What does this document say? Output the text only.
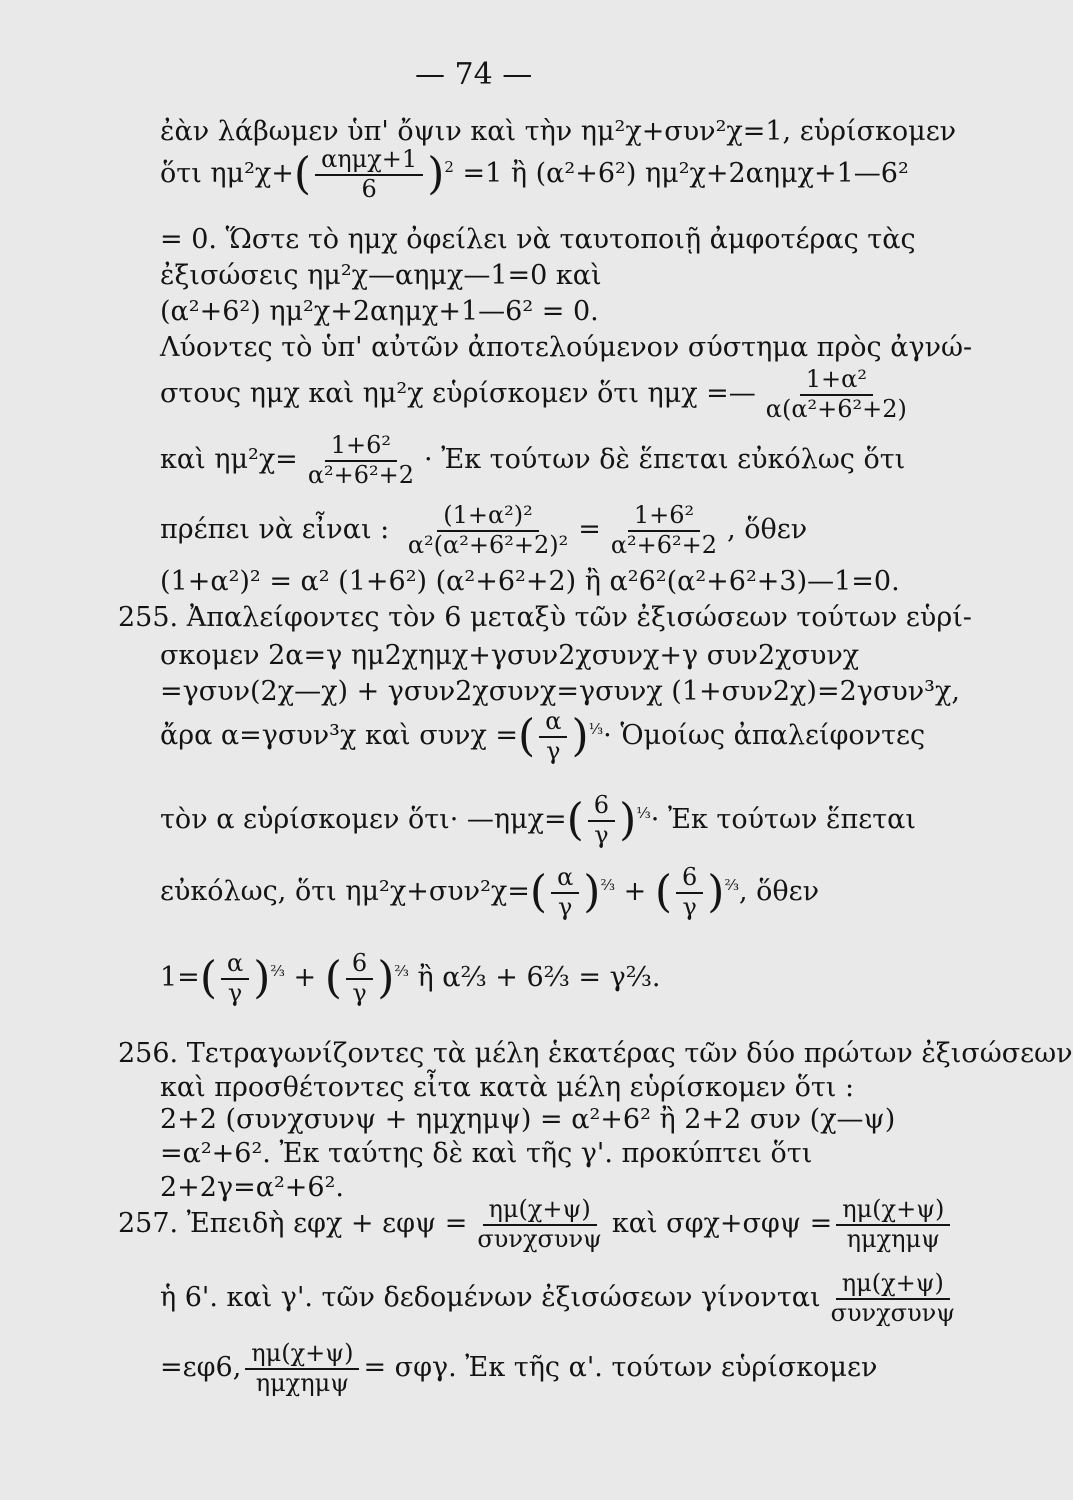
— 74 —
ἐὰν λάβωμεν ὑπ' ὄψιν καὶ τὴν ημ²χ+συν²χ=1, εὑρίσκομεν
ὅτι $\eta\mu^2\chi+( \frac{\text{αημχ+1}}{6} )^2 =1$ ἢ (α²+6²) ημ²χ+2αημχ+1—6²
= 0. Ὥστε τὸ ημχ ὀφείλει νὰ ταυτοποιῇ ἀμφοτέρας τὰς
ἐξισώσεις ημ²χ—αημχ—1=0 καὶ
(α²+6²) ημ²χ+2αημχ+1—6² = 0.
Λύοντες τὸ ὑπ' αὐτῶν ἀποτελούμενον σύστημα πρὸς ἀγνώ-
στους ημχ καὶ ημ²χ εὑρίσκομεν ὅτι ημχ =— $\frac{\text{1+α²}}{\text{α(α²+6²+2)}}$
καὶ $\eta\mu^2\chi= \frac{\text{1+6²}}{\text{α²+6²+2}}$ · Ἐκ τούτων δὲ ἕπεται εὐκόλως ὅτι
πρέπει νὰ εἶναι : $\frac{\text{(1+α²)²}}{\text{α²(α²+6²+2)²}} = \frac{\text{1+6²}}{\text{α²+6²+2}}$ , ὅθεν
(1+α²)² = α² (1+6²) (α²+6²+2) ἢ α²6²(α²+6²+3)—1=0.
255. Ἀπαλείφοντες τὸν 6 μεταξὺ τῶν ἐξισώσεων τούτων εὑρί-
σκομεν 2α=γ ημ2χημχ+γσυν2χσυνχ+γ συν2χσυνχ
=γσυν(2χ—χ) + γσυν2χσυνχ=γσυνχ (1+συν2χ)=2γσυν³χ,
ἄρα α=γσυν³χ καὶ συνχ =( $\frac{\alpha}{\gamma} )^{\frac{1}{3}}\cdot$ Ὁμοίως ἀπαλείφοντες
τὸν α εὑρίσκομεν ὅτι· —ημχ=( $\frac{6}{\gamma} )^{\frac{1}{3}}\cdot$ Ἐκ τούτων ἕπεται
εὐκόλως, ὅτι $\eta\mu^2\chi+\sigma\upsilon\nu^2\chi=( \frac{\alpha}{\gamma} )^{\frac{2}{3}}$ + ( $\frac{6}{\gamma} )^{\frac{2}{3}}$, ὅθεν
$1=( \frac{\alpha}{\gamma} )^{\frac{2}{3}}$ + ( $\frac{6}{\gamma} )^{\frac{2}{3}}$ ἢ α⅔ + 6⅔ = γ⅔.
256. Τετραγωνίζοντες τὰ μέλη ἑκατέρας τῶν δύο πρώτων ἐξισώσεων
καὶ προσθέτοντες εἶτα κατὰ μέλη εὑρίσκομεν ὅτι :
2+2 (συνχσυνψ + ημχημψ) = α²+6² ἢ 2+2 συν (χ—ψ)
=α²+6². Ἐκ ταύτης δὲ καὶ τῆς γ'. προκύπτει ὅτι
2+2γ=α²+6².
257. Ἐπειδὴ $\varepsilon\varphi\chi + \varepsilon\varphi\psi = \frac{\eta\mu(\chi+\psi)}{\text{συνχσυνψ}}$ καὶ $\sigma\varphi\chi+\sigma\varphi\psi = \frac{\eta\mu(\chi+\psi)}{\text{ημχημψ}}$
ἡ 6'. καὶ γ'. τῶν δεδομένων ἐξισώσεων γίνονται $\frac{\eta\mu(\chi+\psi)}{\text{συνχσυνψ}}$
=εφ6, $\frac{\eta\mu(\chi+\psi)}{\text{ημχημψ}} = \sigma\varphi\gamma$. Ἐκ τῆς α'. τούτων εὑρίσκομεν
